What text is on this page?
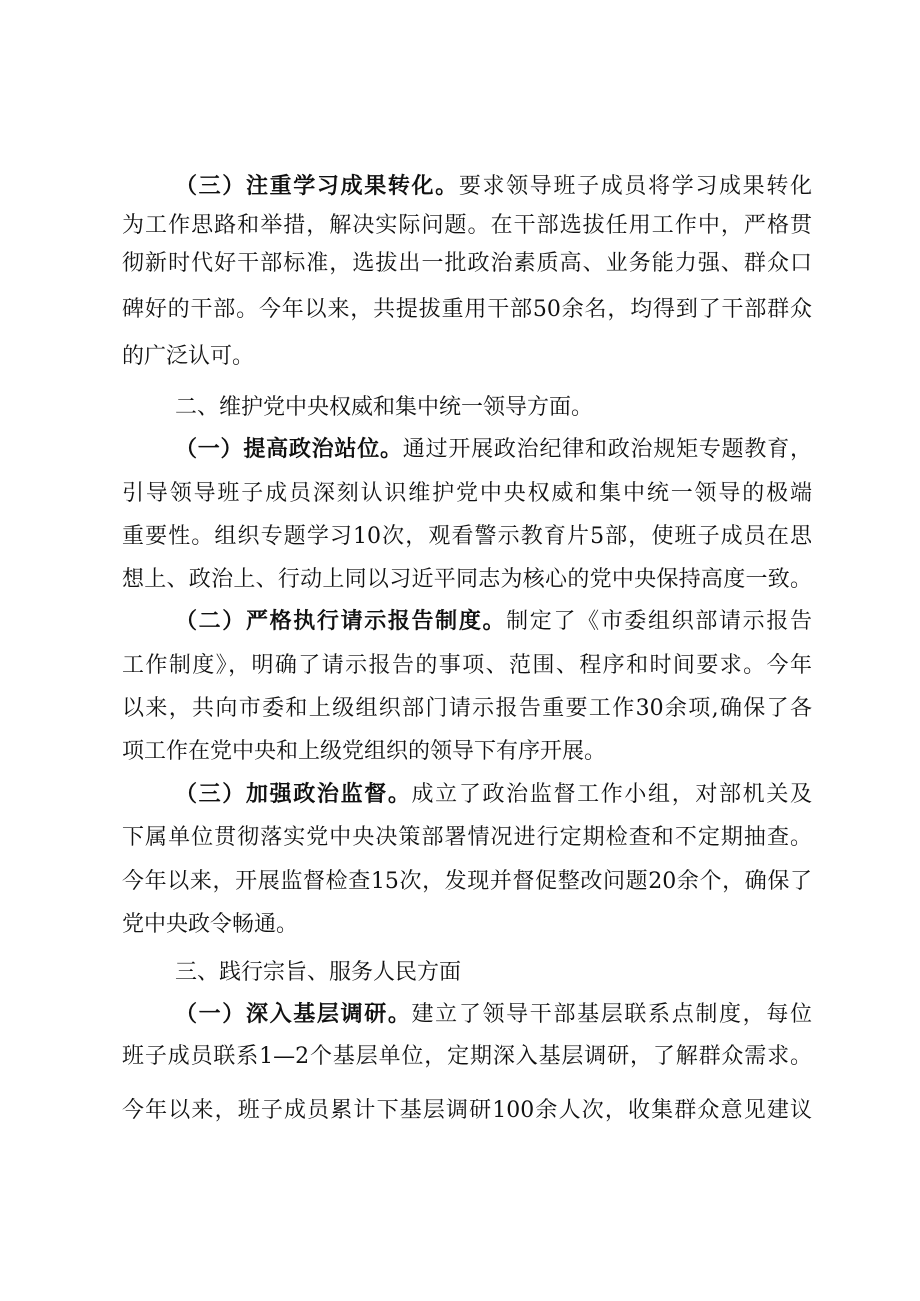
（三）注重学习成果转化。要求领导班子成员将学习成果转化
为工作思路和举措，解决实际问题。在干部选拔任用工作中，严格贯
彻新时代好干部标准，选拔出一批政治素质高、业务能力强、群众口
碑好的干部。今年以来，共提拔重用干部50余名，均得到了干部群众
的广泛认可。
二、维护党中央权威和集中统一领导方面。
（一）提高政治站位。通过开展政治纪律和政治规矩专题教育，
引导领导班子成员深刻认识维护党中央权威和集中统一领导的极端
重要性。组织专题学习10次，观看警示教育片5部，使班子成员在思
想上、政治上、行动上同以习近平同志为核心的党中央保持高度一致。
（二）严格执行请示报告制度。制定了《市委组织部请示报告
工作制度》，明确了请示报告的事项、范围、程序和时间要求。今年
以来，共向市委和上级组织部门请示报告重要工作30余项,确保了各
项工作在党中央和上级党组织的领导下有序开展。
（三）加强政治监督。成立了政治监督工作小组，对部机关及
下属单位贯彻落实党中央决策部署情况进行定期检查和不定期抽查。
今年以来，开展监督检查15次，发现并督促整改问题20余个，确保了
党中央政令畅通。
三、践行宗旨、服务人民方面
（一）深入基层调研。建立了领导干部基层联系点制度，每位
班子成员联系1—2个基层单位，定期深入基层调研，了解群众需求。
今年以来，班子成员累计下基层调研100余人次，收集群众意见建议
